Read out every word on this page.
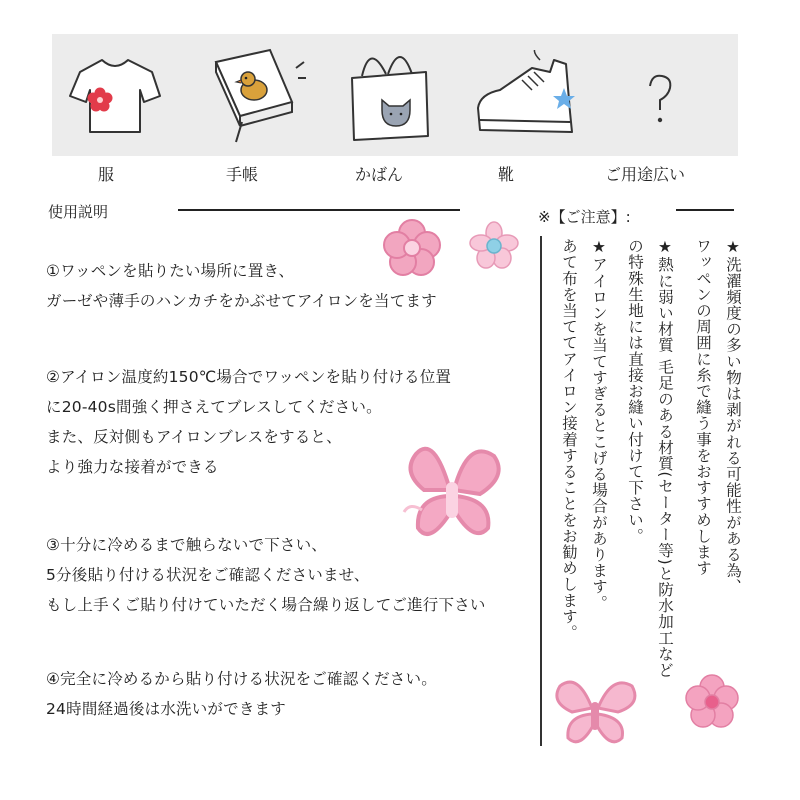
服	手帳	かばん	靴	ご用途広い
使用説明
①ワッペンを貼りたい場所に置き、
ガーゼや薄手のハンカチをかぶせてアイロンを当てます
②アイロン温度約150℃場合でワッペンを貼り付ける位置
に20-40s間強く押さえてブレスしてください。
また、反対側もアイロンブレスをすると、
より強力な接着ができる
③十分に冷めるまで触らないで下さい、
5分後貼り付ける状況をご確認くださいませ、
もし上手くご貼り付けていただく場合繰り返してご進行下さい
④完全に冷めるから貼り付ける状況をご確認ください。
24時間経過後は水洗いができます
※【ご注意】:
★洗濯頻度の多い物は剥がれる可能性がある為、
ワッペンの周囲に糸で縫う事をおすすめします
★熱に弱い材質 毛足のある材質(セーター等)と防水加工など
の特殊生地には直接お縫い付けて下さい。
★アイロンを当てすぎるとこげる場合があります。
あて布を当ててアイロン接着することをお勧めします。
